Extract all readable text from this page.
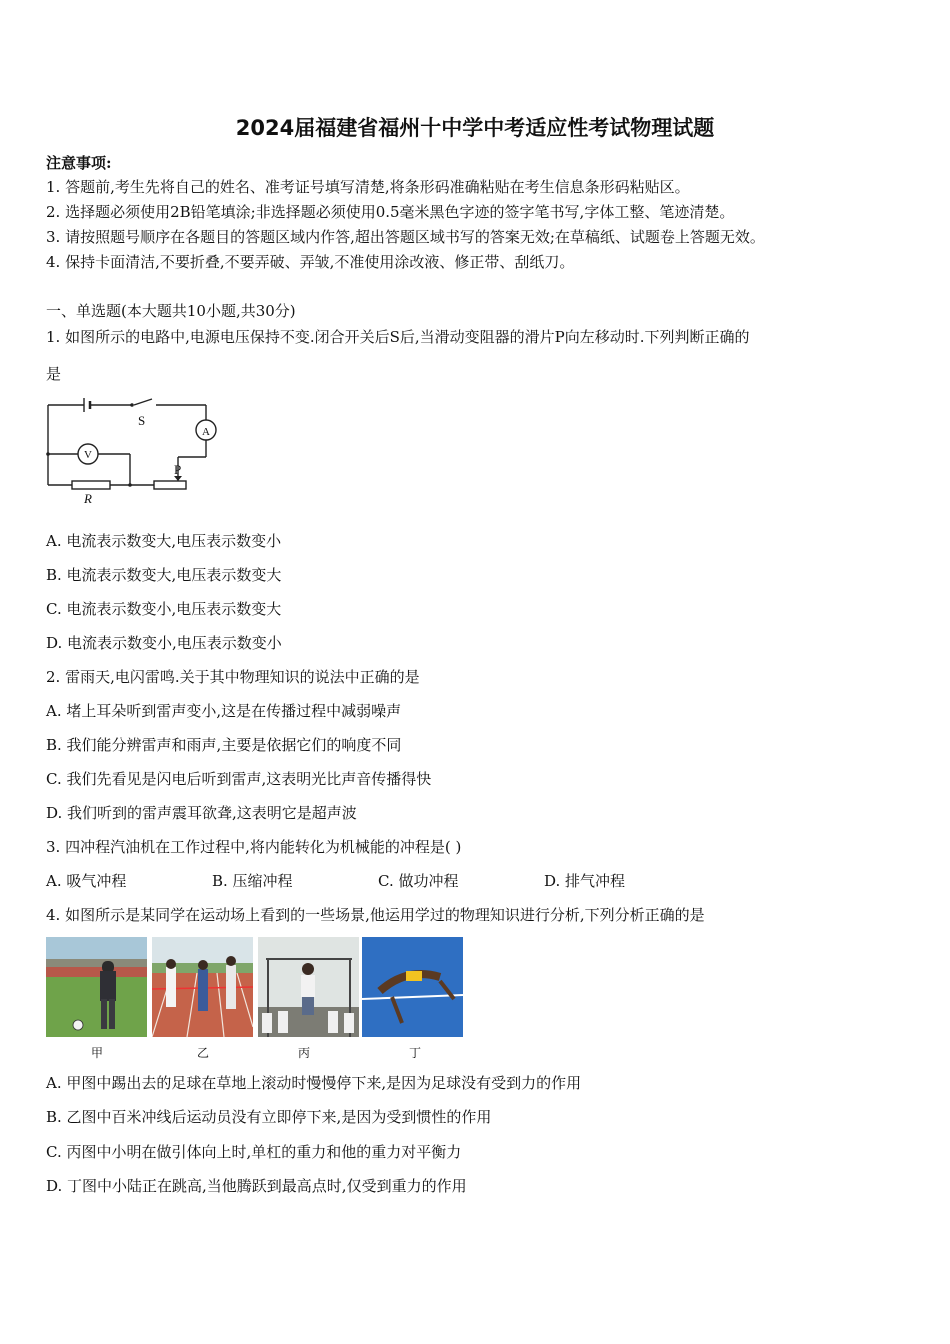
2024届福建省福州十中学中考适应性考试物理试题
注意事项:
1. 答题前,考生先将自己的姓名、准考证号填写清楚,将条形码准确粘贴在考生信息条形码粘贴区。
2. 选择题必须使用2B铅笔填涂;非选择题必须使用0.5毫米黑色字迹的签字笔书写,字体工整、笔迹清楚。
3. 请按照题号顺序在各题目的答题区域内作答,超出答题区域书写的答案无效;在草稿纸、试题卷上答题无效。
4. 保持卡面清洁,不要折叠,不要弄破、弄皱,不准使用涂改液、修正带、刮纸刀。
一、单选题(本大题共10小题,共30分)
1. 如图所示的电路中,电源电压保持不变.闭合开关后S后,当滑动变阻器的滑片P向左移动时.下列判断正确的
是
S
A
V
P
R
A. 电流表示数变大,电压表示数变小
B. 电流表示数变大,电压表示数变大
C. 电流表示数变小,电压表示数变大
D. 电流表示数变小,电压表示数变小
2. 雷雨天,电闪雷鸣.关于其中物理知识的说法中正确的是
A. 堵上耳朵听到雷声变小,这是在传播过程中减弱噪声
B. 我们能分辨雷声和雨声,主要是依据它们的响度不同
C. 我们先看见是闪电后听到雷声,这表明光比声音传播得快
D. 我们听到的雷声震耳欲聋,这表明它是超声波
3. 四冲程汽油机在工作过程中,将内能转化为机械能的冲程是( )
A. 吸气冲程	B. 压缩冲程	C. 做功冲程	D. 排气冲程
4. 如图所示是某同学在运动场上看到的一些场景,他运用学过的物理知识进行分析,下列分析正确的是
甲	乙	丙	丁
A. 甲图中踢出去的足球在草地上滚动时慢慢停下来,是因为足球没有受到力的作用
B. 乙图中百米冲线后运动员没有立即停下来,是因为受到惯性的作用
C. 丙图中小明在做引体向上时,单杠的重力和他的重力对平衡力
D. 丁图中小陆正在跳高,当他腾跃到最高点时,仅受到重力的作用
